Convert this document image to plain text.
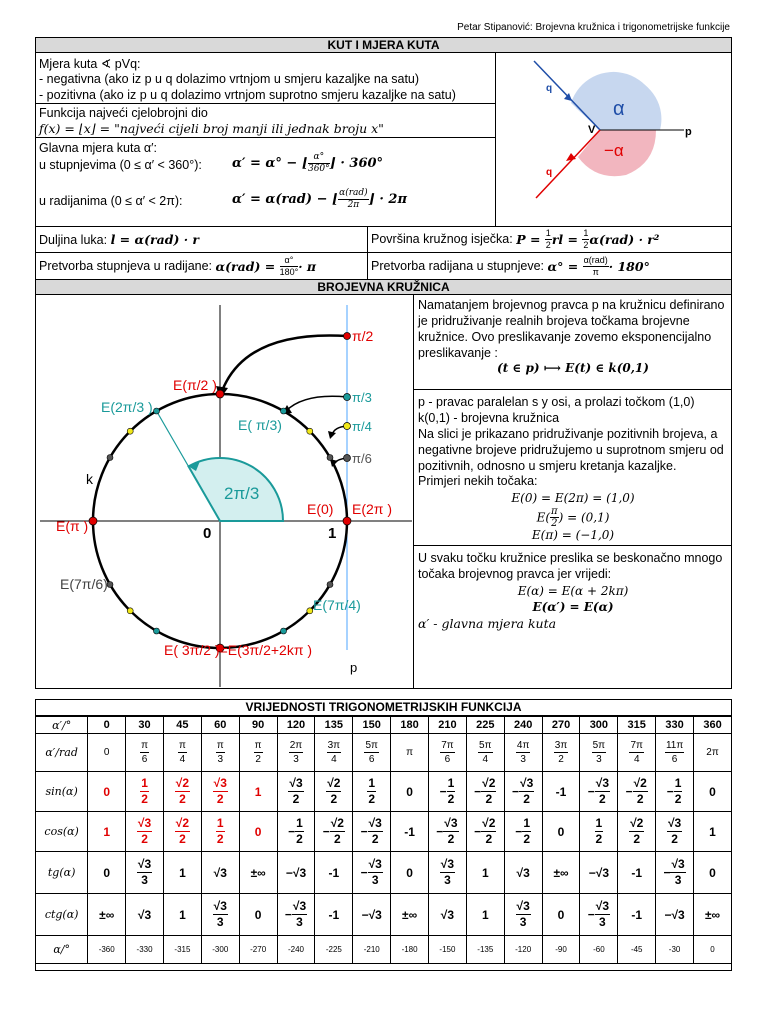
Petar Stipanović: Brojevna kružnica i trigonometrijske funkcije
KUT I MJERA KUTA
Mjera kuta ∢ pVq:
- negativna (ako iz p u q dolazimo vrtnjom u smjeru kazaljke na satu)
- pozitivna (ako iz p u q dolazimo vrtnjom suprotno smjeru kazaljke na satu)
Funkcija najveći cjelobrojni dio
f(x) = ⌊x⌋ = "najveći cijeli broj manji ili jednak broju x"
Glavna mjera kuta α′:
u stupnjevima (0 ≤ α′ < 360°): α′ = α° − ⌊ $\frac{\alpha^\circ}{360^\circ}$ ⌋ · 360°
u radijanima (0 ≤ α′ < 2π):	α′ = α(rad) − ⌊ α(rad)
2π ⌋ · 2π
q
q
V	p
α
−α
Duljina luka: l = α(rad) · r	Površina kružnog isječka: $P = \frac{1}{2}$ rl = $\frac{1}{2} \alpha(rad) \cdot r^2$
Pretvorba stupnjeva u radijane: $\alpha(rad) = \frac{\alpha^\circ}{180^\circ} \cdot \pi$	Pretvorba radijana u stupnjeve: α° = α(rad)
π · 180°
BROJEVNA KRUŽNICA
π/2
π/3
π/4
π/6
E(π/2 )
E(2π/3 )
E( π/3)
2π/3
k
E(0) E(2π )
E(π )	0	1
E(7π/6)
E(7π/4)
E( 3π/2 )=E(3π/2+2kπ )
p
Namatanjem brojevnog pravca p na kružnicu definirano je pridruživanje realnih brojeva točkama brojevne kružnice. Ovo preslikavanje zovemo eksponencijalno preslikavanje :
(t ∈ p) ⟼ E(t) ∈ k(0,1)
p - pravac paralelan s y osi, a prolazi točkom (1,0)
k(0,1) - brojevna kružnica
Na slici je prikazano pridruživanje pozitivnih brojeva, a negativne brojeve pridružujemo u suprotnom smjeru od pozitivnih, odnosno u smjeru kretanja kazaljke.
Primjeri nekih točaka:
E(0) = E(2π) = (1,0)
$E( \frac{\pi}{2}$ ) = (0,1)
E(π) = (−1,0)
U svaku točku kružnice preslika se beskonačno mnogo točaka brojevnog pravca jer vrijedi:
E(α) = E(α + 2kπ)
E(α′) = E(α)
α′ - glavna mjera kuta
VRIJEDNOSTI TRIGONOMETRIJSKIH FUNKCIJA
α′/°	0	30	45	60	90	120	135	150	180	210	225	240	270	300	315	330	360
α′/rad	0	$\frac{\pi}{6}$	$\frac{\pi}{4}$	$\frac{\pi}{3}$	$\frac{\pi}{2}$	$\frac{2\pi}{3}$	$\frac{3\pi}{4}$	$\frac{5\pi}{6}$	π	$\frac{7\pi}{6}$	$\frac{5\pi}{4}$	$\frac{4\pi}{3}$	$\frac{3\pi}{2}$	$\frac{5\pi}{3}$	$\frac{7\pi}{4}$	$\frac{11\pi}{6}$	2π
sin(α)	0	$\frac{1}{2}$	$\frac{√2}{2}$	$\frac{√3}{2}$	1	$\frac{√3}{2}$	$\frac{√2}{2}$	$\frac{1}{2}$	0	− $\frac{1}{2}$	− $\frac{√2}{2}$	− $\frac{√3}{2}$	-1	− $\frac{√3}{2}$	− $\frac{√2}{2}$	− $\frac{1}{2}$	0
cos(α)	1	$\frac{√3}{2}$	$\frac{√2}{2}$	$\frac{1}{2}$	0	− $\frac{1}{2}$	− $\frac{√2}{2}$	− $\frac{√3}{2}$	-1	− $\frac{√3}{2}$	− $\frac{√2}{2}$	− $\frac{1}{2}$	0	$\frac{1}{2}$	$\frac{√2}{2}$	$\frac{√3}{2}$	1
tg(α)	0	$\frac{√3}{3}$	1	√3	±∞	−√3	-1	− $\frac{√3}{3}$	0	$\frac{√3}{3}$	1	√3	±∞	−√3	-1	− $\frac{√3}{3}$	0
ctg(α)	±∞	√3	1	$\frac{√3}{3}$	0	− $\frac{√3}{3}$	-1	−√3	±∞	√3	1	$\frac{√3}{3}$	0	− $\frac{√3}{3}$	-1	−√3	±∞
α/°	-360	-330	-315	-300	-270	-240	-225	-210	-180	-150	-135	-120	-90	-60	-45	-30	0
